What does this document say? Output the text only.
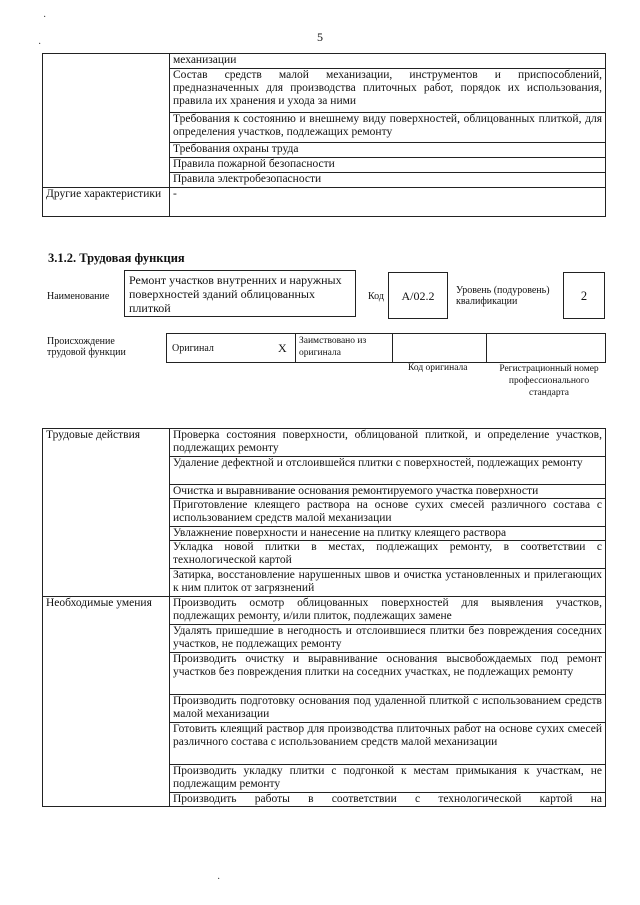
5
	механизации
	Состав средств малой механизации, инструментов и приспособлений, предназначенных для производства плиточных работ, порядок их использования, правила их хранения и ухода за ними
	Требования к состоянию и внешнему виду поверхностей, облицованных плиткой, для определения участков, подлежащих ремонту
	Требования охраны труда
	Правила пожарной безопасности
	Правила электробезопасности
Другие характеристики	-
3.1.2. Трудовая функция
Наименование
Ремонт участков внутренних и наружных поверхностей зданий облицованных плиткой
Код	А/02.2	Уровень (подуровень) квалификации	2
Происхождение трудовой функции	Оригинал	X Заимствовано из оригинала
Код оригинала	Регистрационный номер профессионального стандарта
Трудовые действия	Проверка состояния поверхности, облицованой плиткой, и определение участков, подлежащих ремонту
	Удаление дефектной и отслоившейся плитки с поверхностей, подлежащих ремонту
	Очистка и выравнивание основания ремонтируемого участка поверхности
	Приготовление клеящего раствора на основе сухих смесей различного состава с использованием средств малой механизации
	Увлажнение поверхности и нанесение на плитку клеящего раствора
	Укладка новой плитки в местах, подлежащих ремонту, в соответствии с технологической картой
	Затирка, восстановление нарушенных швов и очистка установленных и прилегающих к ним плиток от загрязнений
Необходимые умения	Производить осмотр облицованных поверхностей для выявления участков, подлежащих ремонту, и/или плиток, подлежащих замене
	Удалять пришедшие в негодность и отслоившиеся плитки без повреждения соседних участков, не подлежащих ремонту
	Производить очистку и выравнивание основания высвобождаемых под ремонт участков без повреждения плитки на соседних участках, не подлежащих ремонту
	Производить подготовку основания под удаленной плиткой с использованием средств малой механизации
	Готовить клеящий раствор для производства плиточных работ на основе сухих смесей различного состава с использованием средств малой механизации
	Производить укладку плитки с подгонкой к местам примыкания к участкам, не подлежащим ремонту
	Производить работы в соответствии с технологической картой на
·
·
·
